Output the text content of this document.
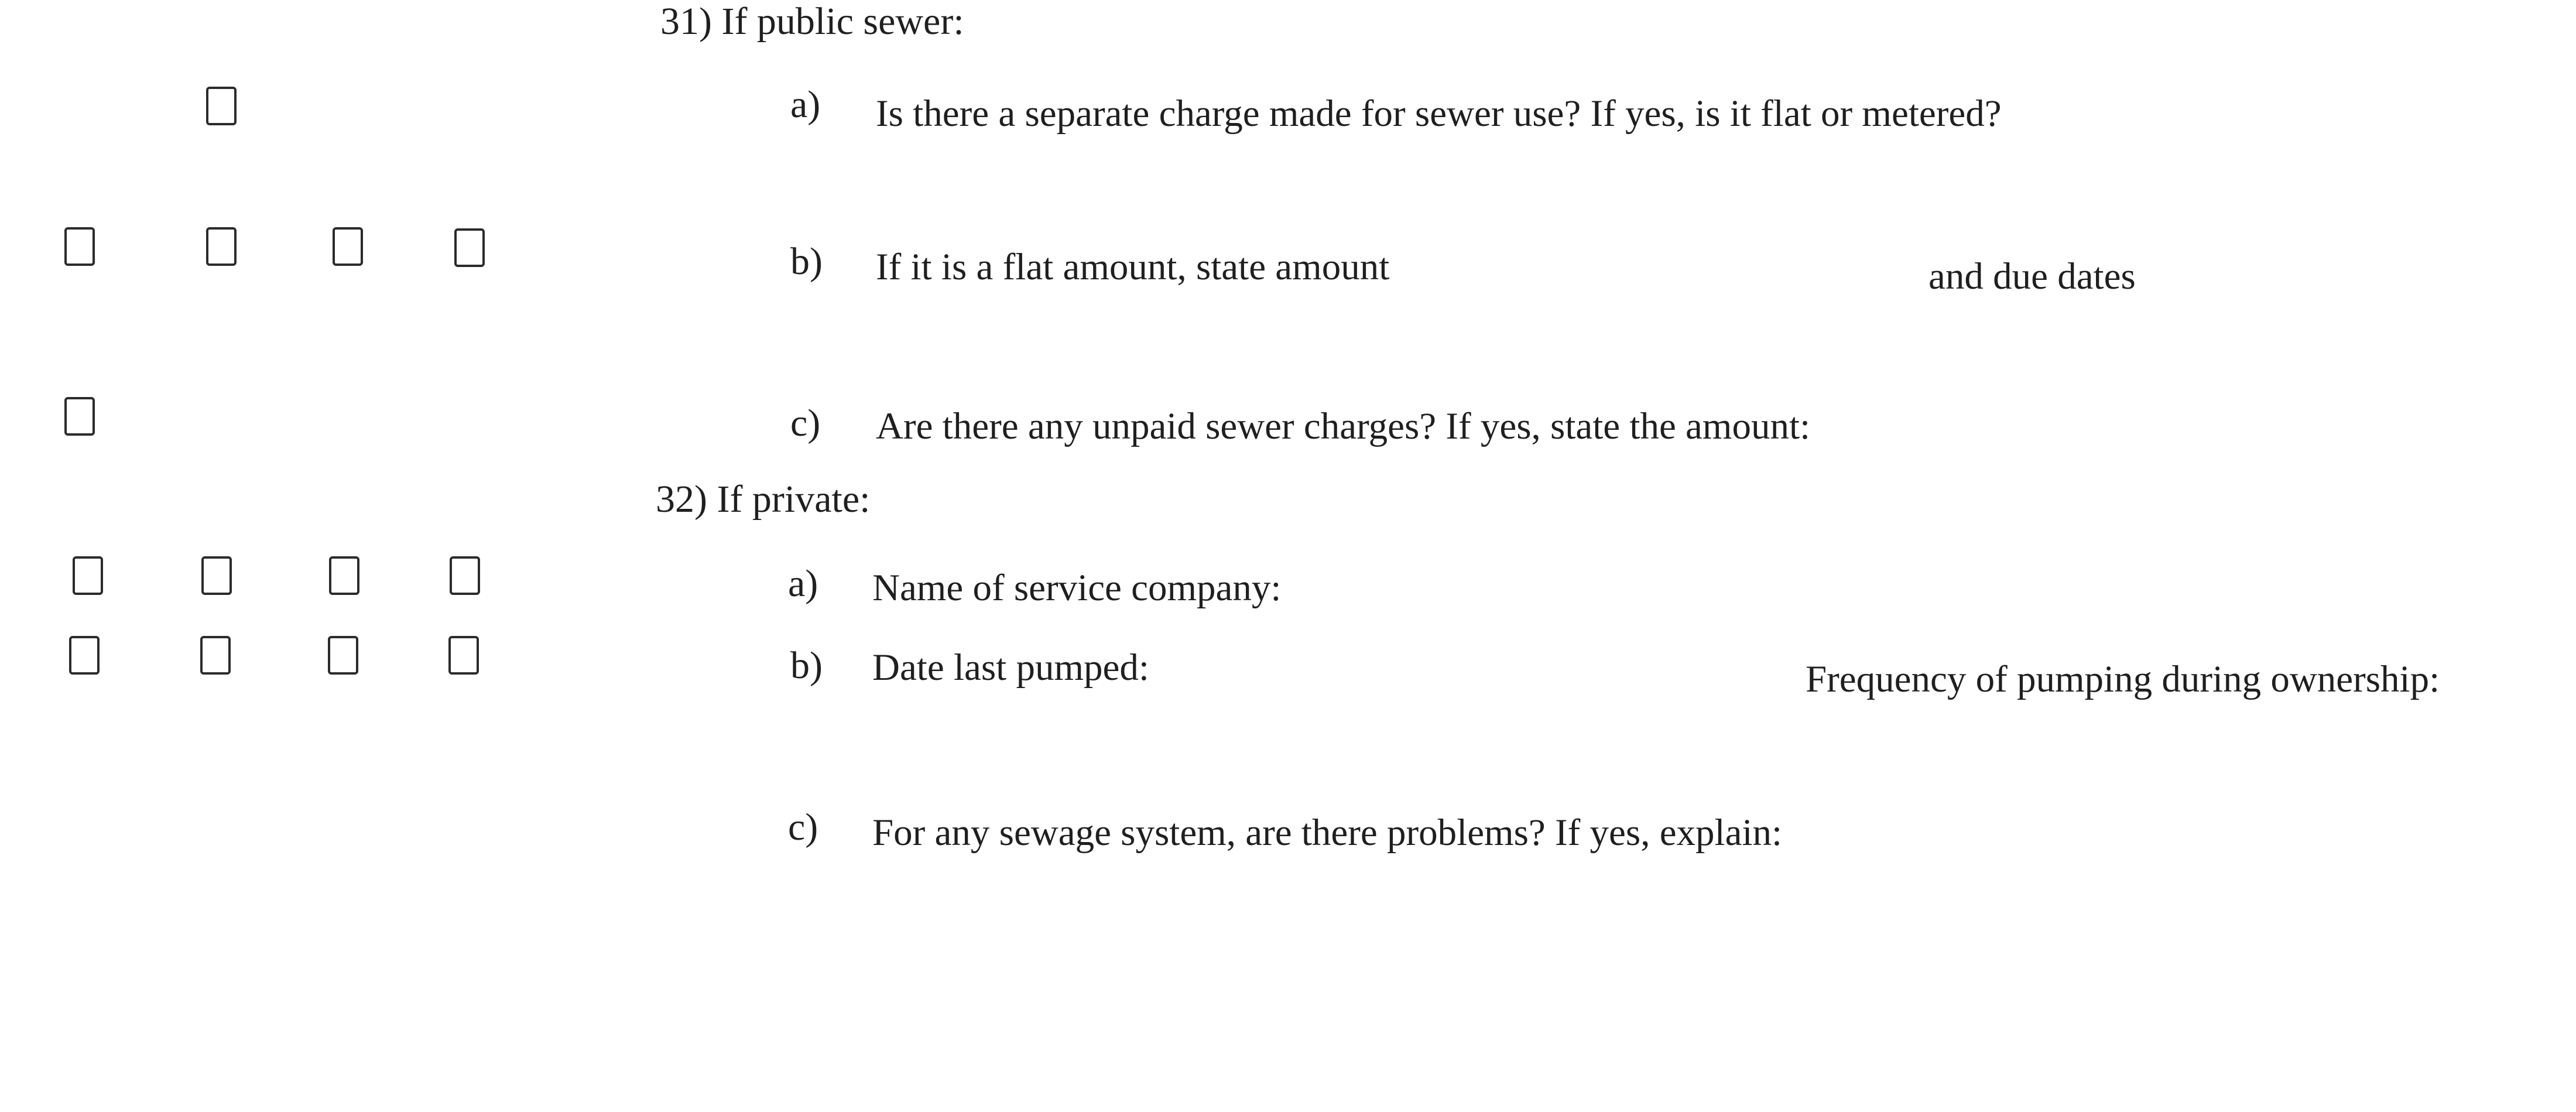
31) If public sewer:
a) Is there a separate charge made for sewer use? If yes, is it flat or metered?
b) If it is a flat amount, state amount	and due dates
c) Are there any unpaid sewer charges? If yes, state the amount:
32) If private:
a) Name of service company:
b) Date last pumped:	Frequency of pumping during ownership:
c) For any sewage system, are there problems? If yes, explain:
